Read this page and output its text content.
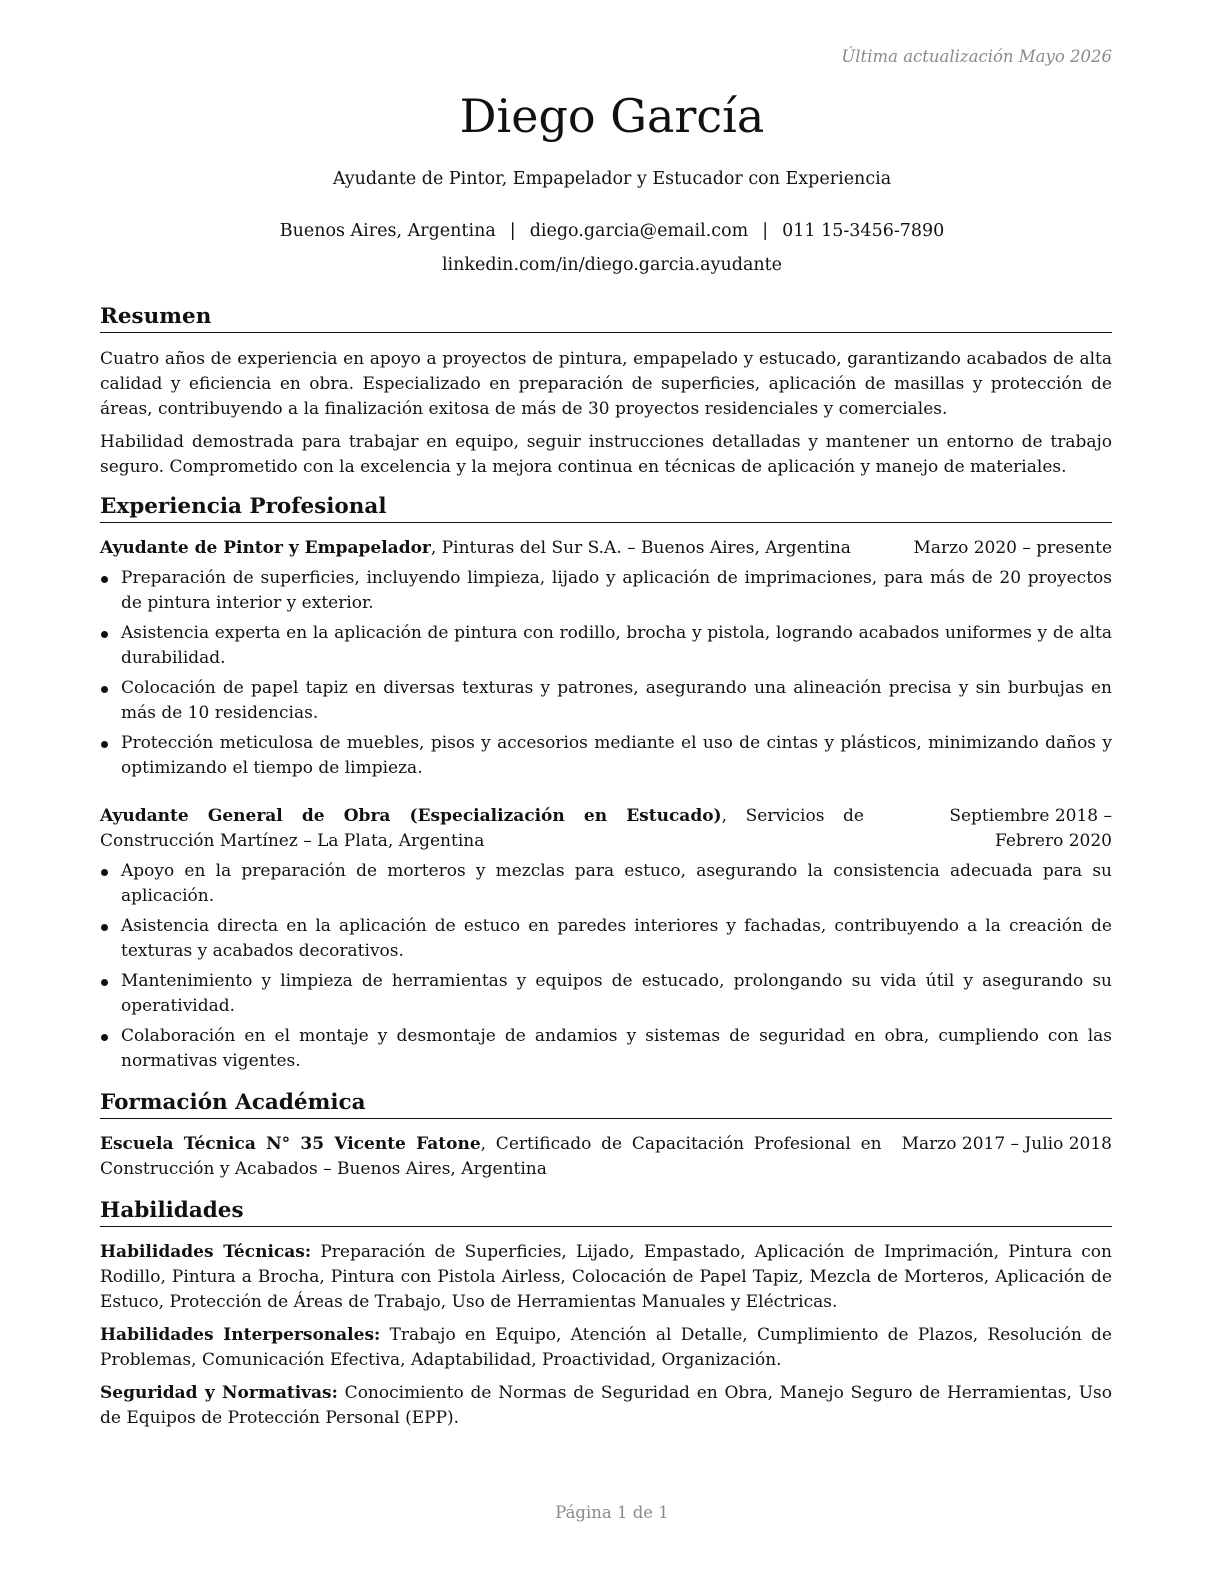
Última actualización Mayo 2026
Diego García
Ayudante de Pintor, Empapelador y Estucador con Experiencia
Buenos Aires, Argentina | diego.garcia@email.com | 011 15-3456-7890
linkedin.com/in/diego.garcia.ayudante
Resumen

Cuatro años de experiencia en apoyo a proyectos de pintura, empapelado y estucado, garantizando acabados de alta calidad y eficiencia en obra. Especializado en preparación de superficies, aplicación de masillas y protección de áreas, contribuyendo a la finalización exitosa de más de 30 proyectos residenciales y comerciales.

Habilidad demostrada para trabajar en equipo, seguir instrucciones detalladas y mantener un entorno de trabajo seguro. Comprometido con la excelencia y la mejora continua en técnicas de aplicación y manejo de materiales.

Experiencia Profesional
Ayudante de Pintor y Empapelador, Pinturas del Sur S.A. – Buenos Aires, Argentina	Marzo 2020 – presente
Preparación de superficies, incluyendo limpieza, lijado y aplicación de imprimaciones, para más de 20 proyectos de pintura interior y exterior.
Asistencia experta en la aplicación de pintura con rodillo, brocha y pistola, logrando acabados uniformes y de alta durabilidad.
Colocación de papel tapiz en diversas texturas y patrones, asegurando una alineación precisa y sin burbujas en más de 10 residencias.
Protección meticulosa de muebles, pisos y accesorios mediante el uso de cintas y plásticos, minimizando daños y optimizando el tiempo de limpieza.
Ayudante General de Obra (Especialización en Estucado), Servicios de Construcción Martínez – La Plata, Argentina
Septiembre 2018 – Febrero 2020
Apoyo en la preparación de morteros y mezclas para estuco, asegurando la consistencia adecuada para su aplicación.
Asistencia directa en la aplicación de estuco en paredes interiores y fachadas, contribuyendo a la creación de texturas y acabados decorativos.
Mantenimiento y limpieza de herramientas y equipos de estucado, prolongando su vida útil y asegurando su operatividad.
Colaboración en el montaje y desmontaje de andamios y sistemas de seguridad en obra, cumpliendo con las normativas vigentes.
Formación Académica
Escuela Técnica N° 35 Vicente Fatone, Certificado de Capacitación Profesional en Construcción y Acabados – Buenos Aires, Argentina
Marzo 2017 – Julio 2018
Habilidades

Habilidades Técnicas: Preparación de Superficies, Lijado, Empastado, Aplicación de Imprimación, Pintura con Rodillo, Pintura a Brocha, Pintura con Pistola Airless, Colocación de Papel Tapiz, Mezcla de Morteros, Aplicación de Estuco, Protección de Áreas de Trabajo, Uso de Herramientas Manuales y Eléctricas.

Habilidades Interpersonales: Trabajo en Equipo, Atención al Detalle, Cumplimiento de Plazos, Resolución de Problemas, Comunicación Efectiva, Adaptabilidad, Proactividad, Organización.

Seguridad y Normativas: Conocimiento de Normas de Seguridad en Obra, Manejo Seguro de Herramientas, Uso de Equipos de Protección Personal (EPP).

Página 1 de 1
